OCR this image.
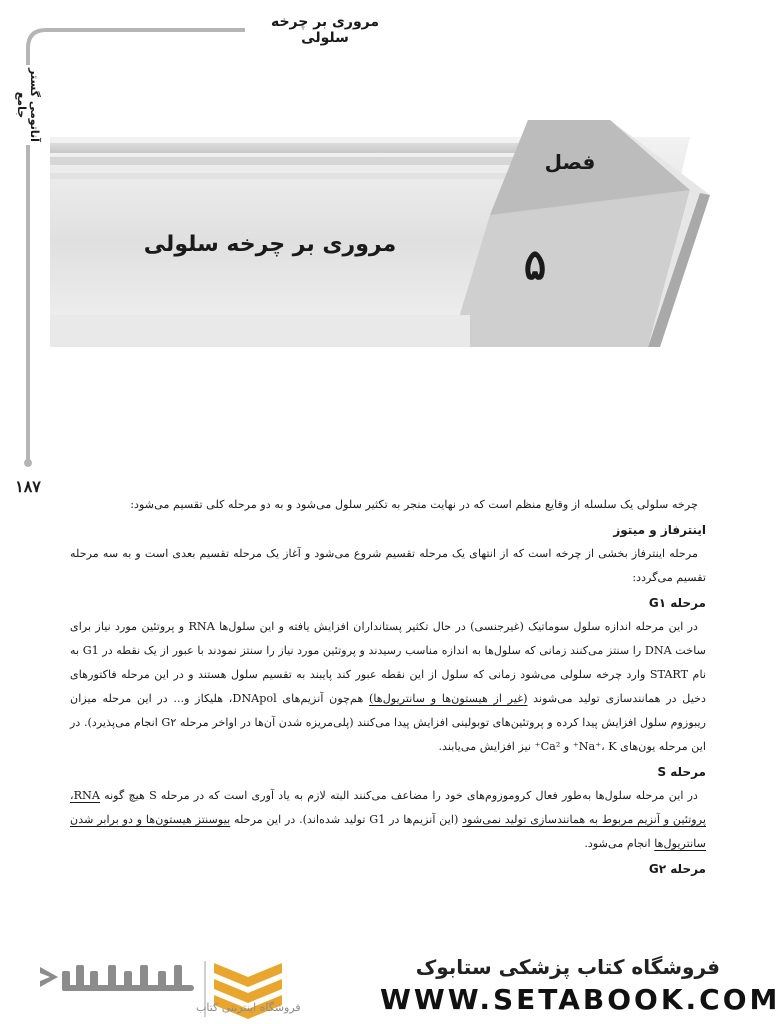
مروری بر چرخه سلولی
آناتومی گستر جامع
۱۸۷
فصل
۵
مروری بر چرخه سلولی

چرخه سلولی یک سلسله از وقایع منظم است که در نهایت منجر به تکثیر سلول می‌شود و به دو مرحله کلی تقسیم می‌شود:

اینترفاز و میتوز

مرحله اینترفاز بخشی از چرخه است که از انتهای یک مرحله تقسیم شروع می‌شود و آغاز یک مرحله تقسیم بعدی است و به سه مرحله تقسیم می‌گردد:

مرحله G۱

در این مرحله اندازه سلول سوماتیک (غیرجنسی) در حال تکثیر پستانداران افزایش یافته و این سلول‌ها RNA و پروتئین مورد نیاز برای ساخت DNA را سنتز می‌کنند زمانی که سلول‌ها به اندازه مناسب رسیدند و پروتئین مورد نیاز را سنتز نمودند با عبور از یک نقطه در G1 به نام START وارد چرخه سلولی می‌شود زمانی که سلول از این نقطه عبور کند پایبند به تقسیم سلول هستند و در این مرحله فاکتورهای دخیل در همانندسازی تولید می‌شوند (غیر از هیستون‌ها و سانتریول‌ها) هم‌چون آنزیم‌های DNApol، هلیکاز و... در این مرحله میزان ریبوزوم سلول افزایش پیدا کرده و پروتئین‌های توبولینی افزایش پیدا می‌کنند (پلی‌مریزه شدن آن‌ها در اواخر مرحله G۲ انجام می‌پذیرد). در این مرحله یون‌های Na⁺، K⁺ و Ca²⁺ نیز افزایش می‌یابند.

مرحله S

در این مرحله سلول‌ها به‌طور فعال کروموزوم‌های خود را مضاعف می‌کنند البته لازم به یاد آوری است که در مرحله S هیچ گونه RNA، پروتئین و آنزیم مربوط به همانندسازی تولید نمی‌شود (این آنزیم‌ها در G1 تولید شده‌اند). در این مرحله بیوسنتز هیستون‌ها و دو برابر شدن سانتریول‌ها انجام می‌شود.

مرحله G۲
فروشگاه کتاب پزشکی ستابوک
WWW.SETABOOK.COM
فروشگاه اینترنتی کتاب
